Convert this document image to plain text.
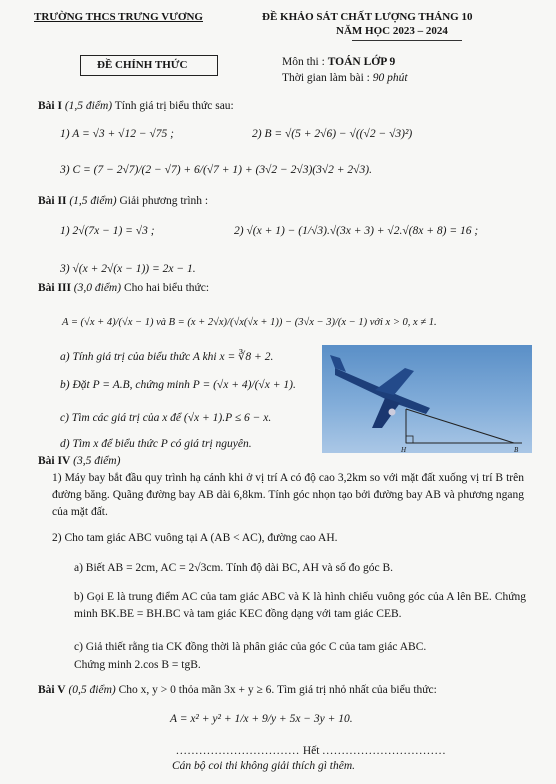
TRƯỜNG THCS TRƯNG VƯƠNG	ĐỀ KHẢO SÁT CHẤT LƯỢNG THÁNG 10
NĂM HỌC 2023 – 2024
ĐỀ CHÍNH THỨC	Môn thi : TOÁN LỚP 9
Thời gian làm bài : 90 phút
Bài I (1,5 điểm) Tính giá trị biểu thức sau:
1) A = √3 + √12 − √75 ;	2) B = √(5 + 2√6) − √((√2 − √3)²)
3) C = (7 − 2√7)/(2 − √7) + 6/(√7 + 1) + (3√2 − 2√3)(3√2 + 2√3).
Bài II (1,5 điểm) Giải phương trình :
1) 2√(7x − 1) = √3 ;	2) √(x + 1) − (1/√3).√(3x + 3) + √2.√(8x + 8) = 16 ;
3) √(x + 2√(x − 1)) = 2x − 1.
Bài III (3,0 điểm) Cho hai biểu thức:
A = (√x + 4)/(√x − 1) và B = (x + 2√x)/(√x(√x + 1)) − (3√x − 3)/(x − 1) với x > 0, x ≠ 1.
a) Tính giá trị của biểu thức A khi x = ∛8 + 2.
b) Đặt P = A.B, chứng minh P = (√x + 4)/(√x + 1).
c) Tìm các giá trị của x để (√x + 1).P ≤ 6 − x.
d) Tìm x để biểu thức P có giá trị nguyên.	H	B
Bài IV (3,5 điểm)
1) Máy bay bắt đầu quy trình hạ cánh khi ở vị trí A có độ cao 3,2km so với mặt đất xuống vị trí B trên đường băng. Quãng đường bay AB dài 6,8km. Tính góc nhọn tạo bởi đường bay AB và phương ngang của mặt đất.
2) Cho tam giác ABC vuông tại A (AB < AC), đường cao AH.
a) Biết AB = 2cm, AC = 2√3cm. Tính độ dài BC, AH và số đo góc B.
b) Gọi E là trung điểm AC của tam giác ABC và K là hình chiếu vuông góc của A lên BE. Chứng minh BK.BE = BH.BC và tam giác KEC đồng dạng với tam giác CEB.
c) Giả thiết rằng tia CK đồng thời là phân giác của góc C của tam giác ABC.
Chứng minh 2.cos B = tgB.
Bài V (0,5 điểm) Cho x, y > 0 thỏa mãn 3x + y ≥ 6. Tìm giá trị nhỏ nhất của biểu thức:
A = x² + y² + 1/x + 9/y + 5x − 3y + 10.
................................ Hết ................................
Cán bộ coi thi không giải thích gì thêm.
